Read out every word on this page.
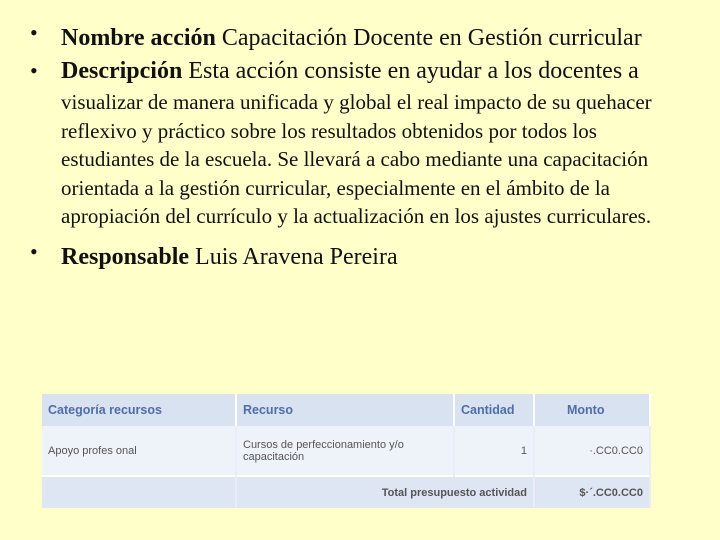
• Nombre acción Capacitación Docente en Gestión curricular

• Descripción Esta acción consiste en ayudar a los docentes a
visualizar de manera unificada y global el real impacto de su quehacer reflexivo y práctico sobre los resultados obtenidos por todos los estudiantes de la escuela. Se llevará a cabo mediante una capacitación orientada a la gestión curricular, especialmente en el ámbito de la apropiación del currículo y la actualización en los ajustes curriculares.

• Responsable Luis Aravena Pereira

Categoría recursos	Recurso	Cantidad	Monto
Apoyo profes onal	Cursos de perfeccionamiento y/o capacitación	1	·.CC0.CC0
	Total presupuesto actividad		$·´.CC0.CC0
